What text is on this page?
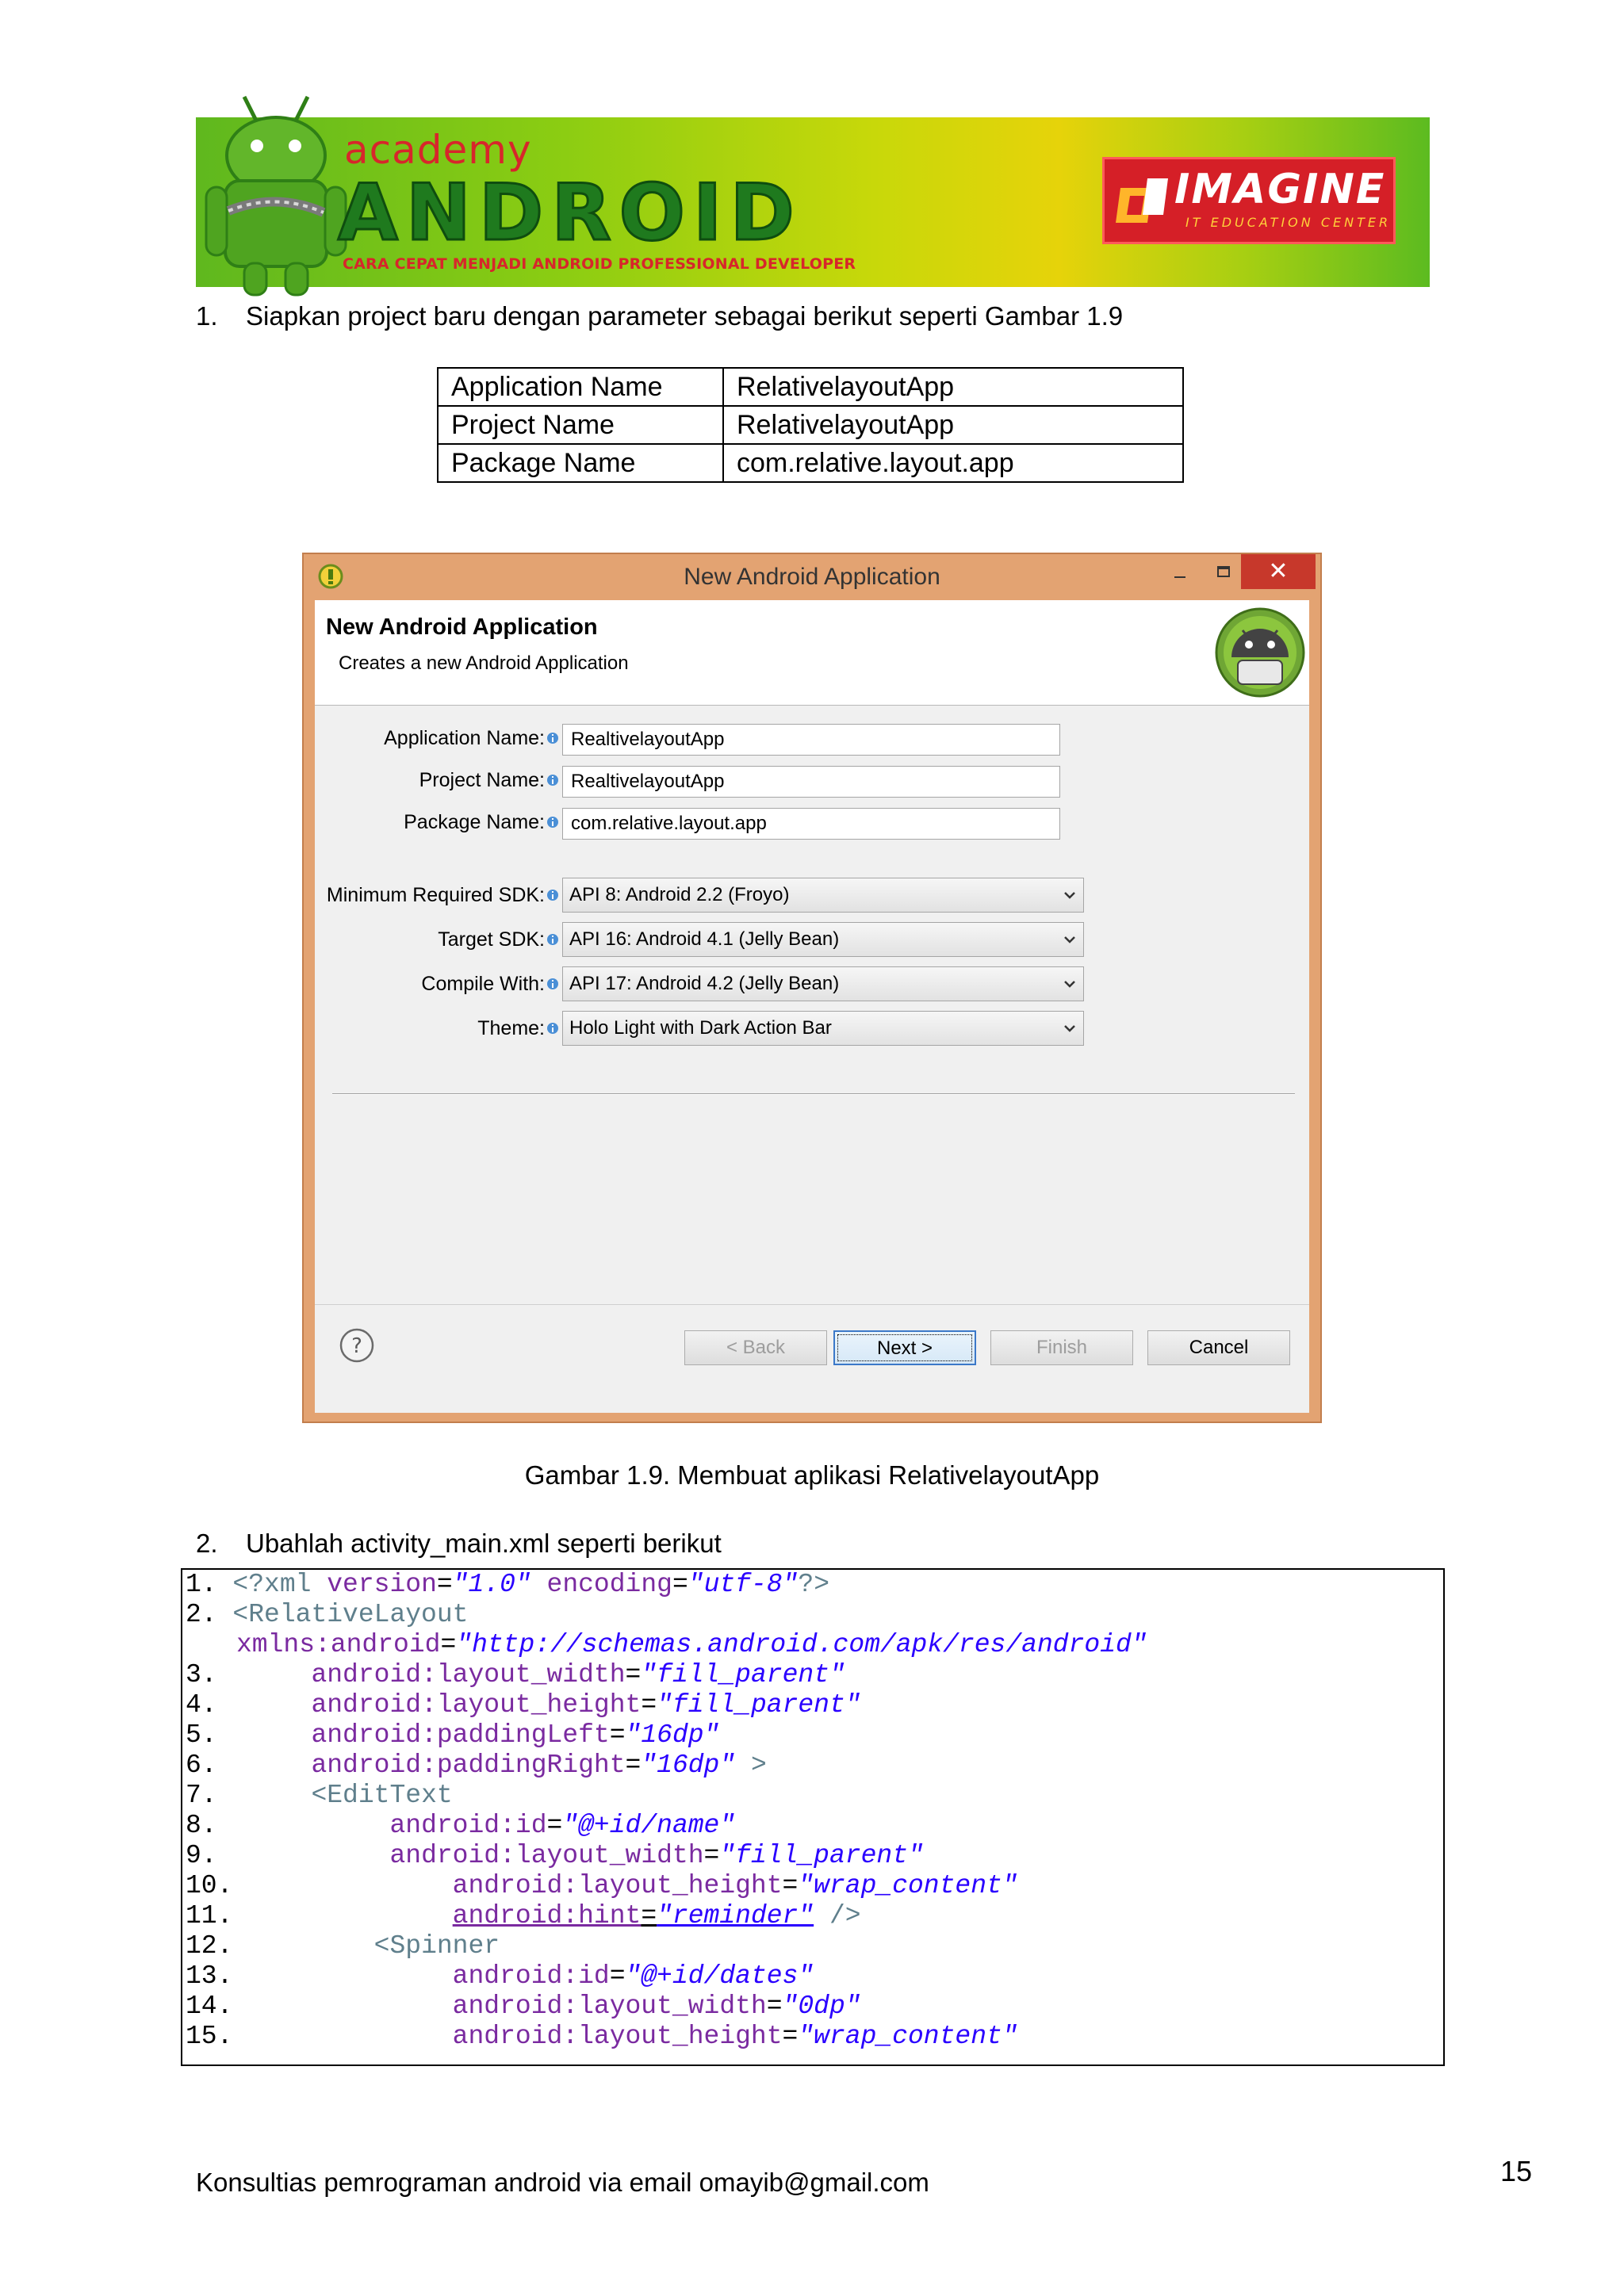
academy
ANDROID
CARA CEPAT MENJADI ANDROID PROFESSIONAL DEVELOPER
IMAGINE
IT EDUCATION CENTER
1. Siapkan project baru dengan parameter sebagai berikut seperti Gambar 1.9
Application Name	RelativelayoutApp
Project Name	RelativelayoutApp
Package Name	com.relative.layout.app
New Android Application	✕
New Android Application
Creates a new Android Application
Application Name:	RealtivelayoutApp
Project Name:	RealtivelayoutApp
Package Name:	com.relative.layout.app
Minimum Required SDK:	API 8: Android 2.2 (Froyo)
Target SDK:	API 16: Android 4.1 (Jelly Bean)
Compile With:	API 17: Android 4.2 (Jelly Bean)
Theme:	Holo Light with Dark Action Bar
?	< Back	Next >	Finish	Cancel
Gambar 1.9. Membuat aplikasi RelativelayoutApp
2. Ubahlah activity_main.xml seperti berikut
1. <?xml version="1.0" encoding="utf-8"?>
2. <RelativeLayout
xmlns:android="http://schemas.android.com/apk/res/android"
3.	android:layout_width="fill_parent"
4.	android:layout_height="fill_parent"
5.	android:paddingLeft="16dp"
6.	android:paddingRight="16dp" >
7.	<EditText
8.	android:id="@+id/name"
9.	android:layout_width="fill_parent"
10.	android:layout_height="wrap_content"
11.	android:hint="reminder" />
12.	<Spinner
13.	android:id="@+id/dates"
14.	android:layout_width="0dp"
15.	android:layout_height="wrap_content"
Konsultias pemrograman android via email omayib@gmail.com	15
